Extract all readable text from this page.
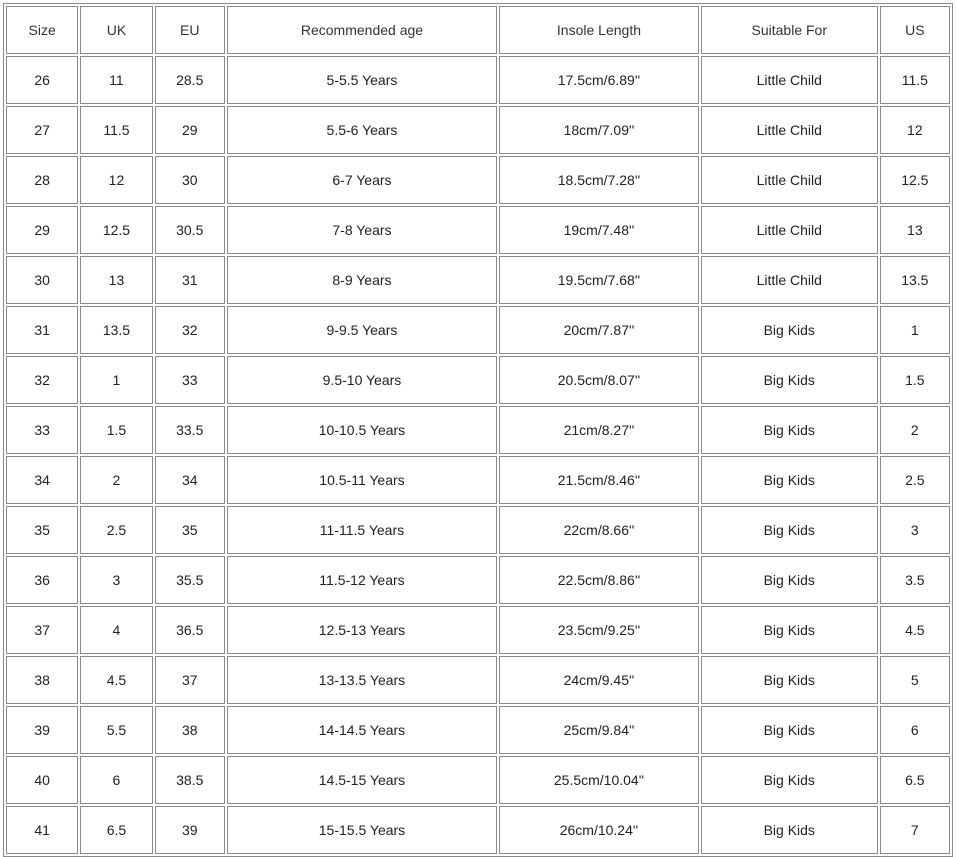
Size	UK	EU	Recommended age	Insole Length	Suitable For	US
26	11	28.5	5-5.5 Years	17.5cm/6.89''	Little Child	11.5
27	11.5	29	5.5-6 Years	18cm/7.09''	Little Child	12
28	12	30	6-7 Years	18.5cm/7.28''	Little Child	12.5
29	12.5	30.5	7-8 Years	19cm/7.48''	Little Child	13
30	13	31	8-9 Years	19.5cm/7.68''	Little Child	13.5
31	13.5	32	9-9.5 Years	20cm/7.87''	Big Kids	1
32	1	33	9.5-10 Years	20.5cm/8.07''	Big Kids	1.5
33	1.5	33.5	10-10.5 Years	21cm/8.27''	Big Kids	2
34	2	34	10.5-11 Years	21.5cm/8.46''	Big Kids	2.5
35	2.5	35	11-11.5 Years	22cm/8.66''	Big Kids	3
36	3	35.5	11.5-12 Years	22.5cm/8.86''	Big Kids	3.5
37	4	36.5	12.5-13 Years	23.5cm/9.25''	Big Kids	4.5
38	4.5	37	13-13.5 Years	24cm/9.45''	Big Kids	5
39	5.5	38	14-14.5 Years	25cm/9.84''	Big Kids	6
40	6	38.5	14.5-15 Years	25.5cm/10.04''	Big Kids	6.5
41	6.5	39	15-15.5 Years	26cm/10.24''	Big Kids	7
